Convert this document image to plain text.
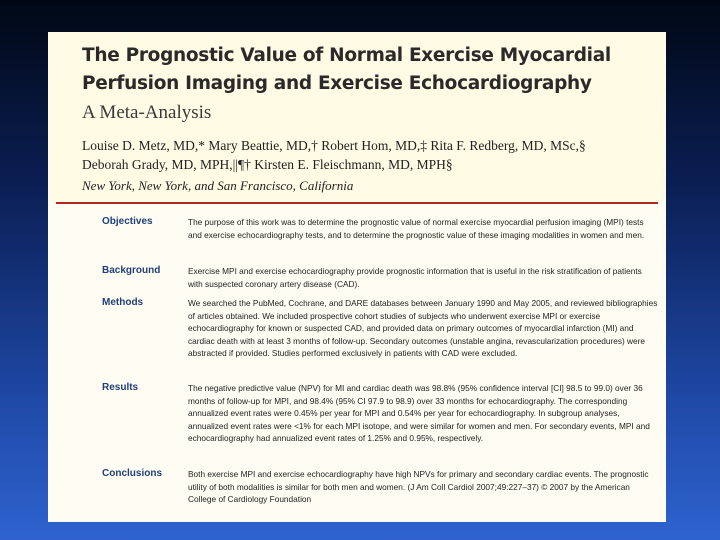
The Prognostic Value of Normal Exercise Myocardial Perfusion Imaging and Exercise Echocardiography
A Meta-Analysis
Louise D. Metz, MD,* Mary Beattie, MD,† Robert Hom, MD,‡ Rita F. Redberg, MD, MSc,§
Deborah Grady, MD, MPH,||¶† Kirsten E. Fleischmann, MD, MPH§
New York, New York, and San Francisco, California
Objectives	The purpose of this work was to determine the prognostic value of normal exercise myocardial perfusion imaging (MPI) tests and exercise echocardiography tests, and to determine the prognostic value of these imaging modalities in women and men.
Background	Exercise MPI and exercise echocardiography provide prognostic information that is useful in the risk stratification of patients with suspected coronary artery disease (CAD).
Methods	We searched the PubMed, Cochrane, and DARE databases between January 1990 and May 2005, and reviewed bibliographies of articles obtained. We included prospective cohort studies of subjects who underwent exercise MPI or exercise echocardiography for known or suspected CAD, and provided data on primary outcomes of myocardial infarction (MI) and cardiac death with at least 3 months of follow-up. Secondary outcomes (unstable angina, revascularization procedures) were abstracted if provided. Studies performed exclusively in patients with CAD were excluded.
Results	The negative predictive value (NPV) for MI and cardiac death was 98.8% (95% confidence interval [CI] 98.5 to 99.0) over 36 months of follow-up for MPI, and 98.4% (95% CI 97.9 to 98.9) over 33 months for echocardiography. The corresponding annualized event rates were 0.45% per year for MPI and 0.54% per year for echocardiography. In subgroup analyses, annualized event rates were <1% for each MPI isotope, and were similar for women and men. For secondary events, MPI and echocardiography had annualized event rates of 1.25% and 0.95%, respectively.
Conclusions	Both exercise MPI and exercise echocardiography have high NPVs for primary and secondary cardiac events. The prognostic utility of both modalities is similar for both men and women. (J Am Coll Cardiol 2007;49:227–37) © 2007 by the American College of Cardiology Foundation
